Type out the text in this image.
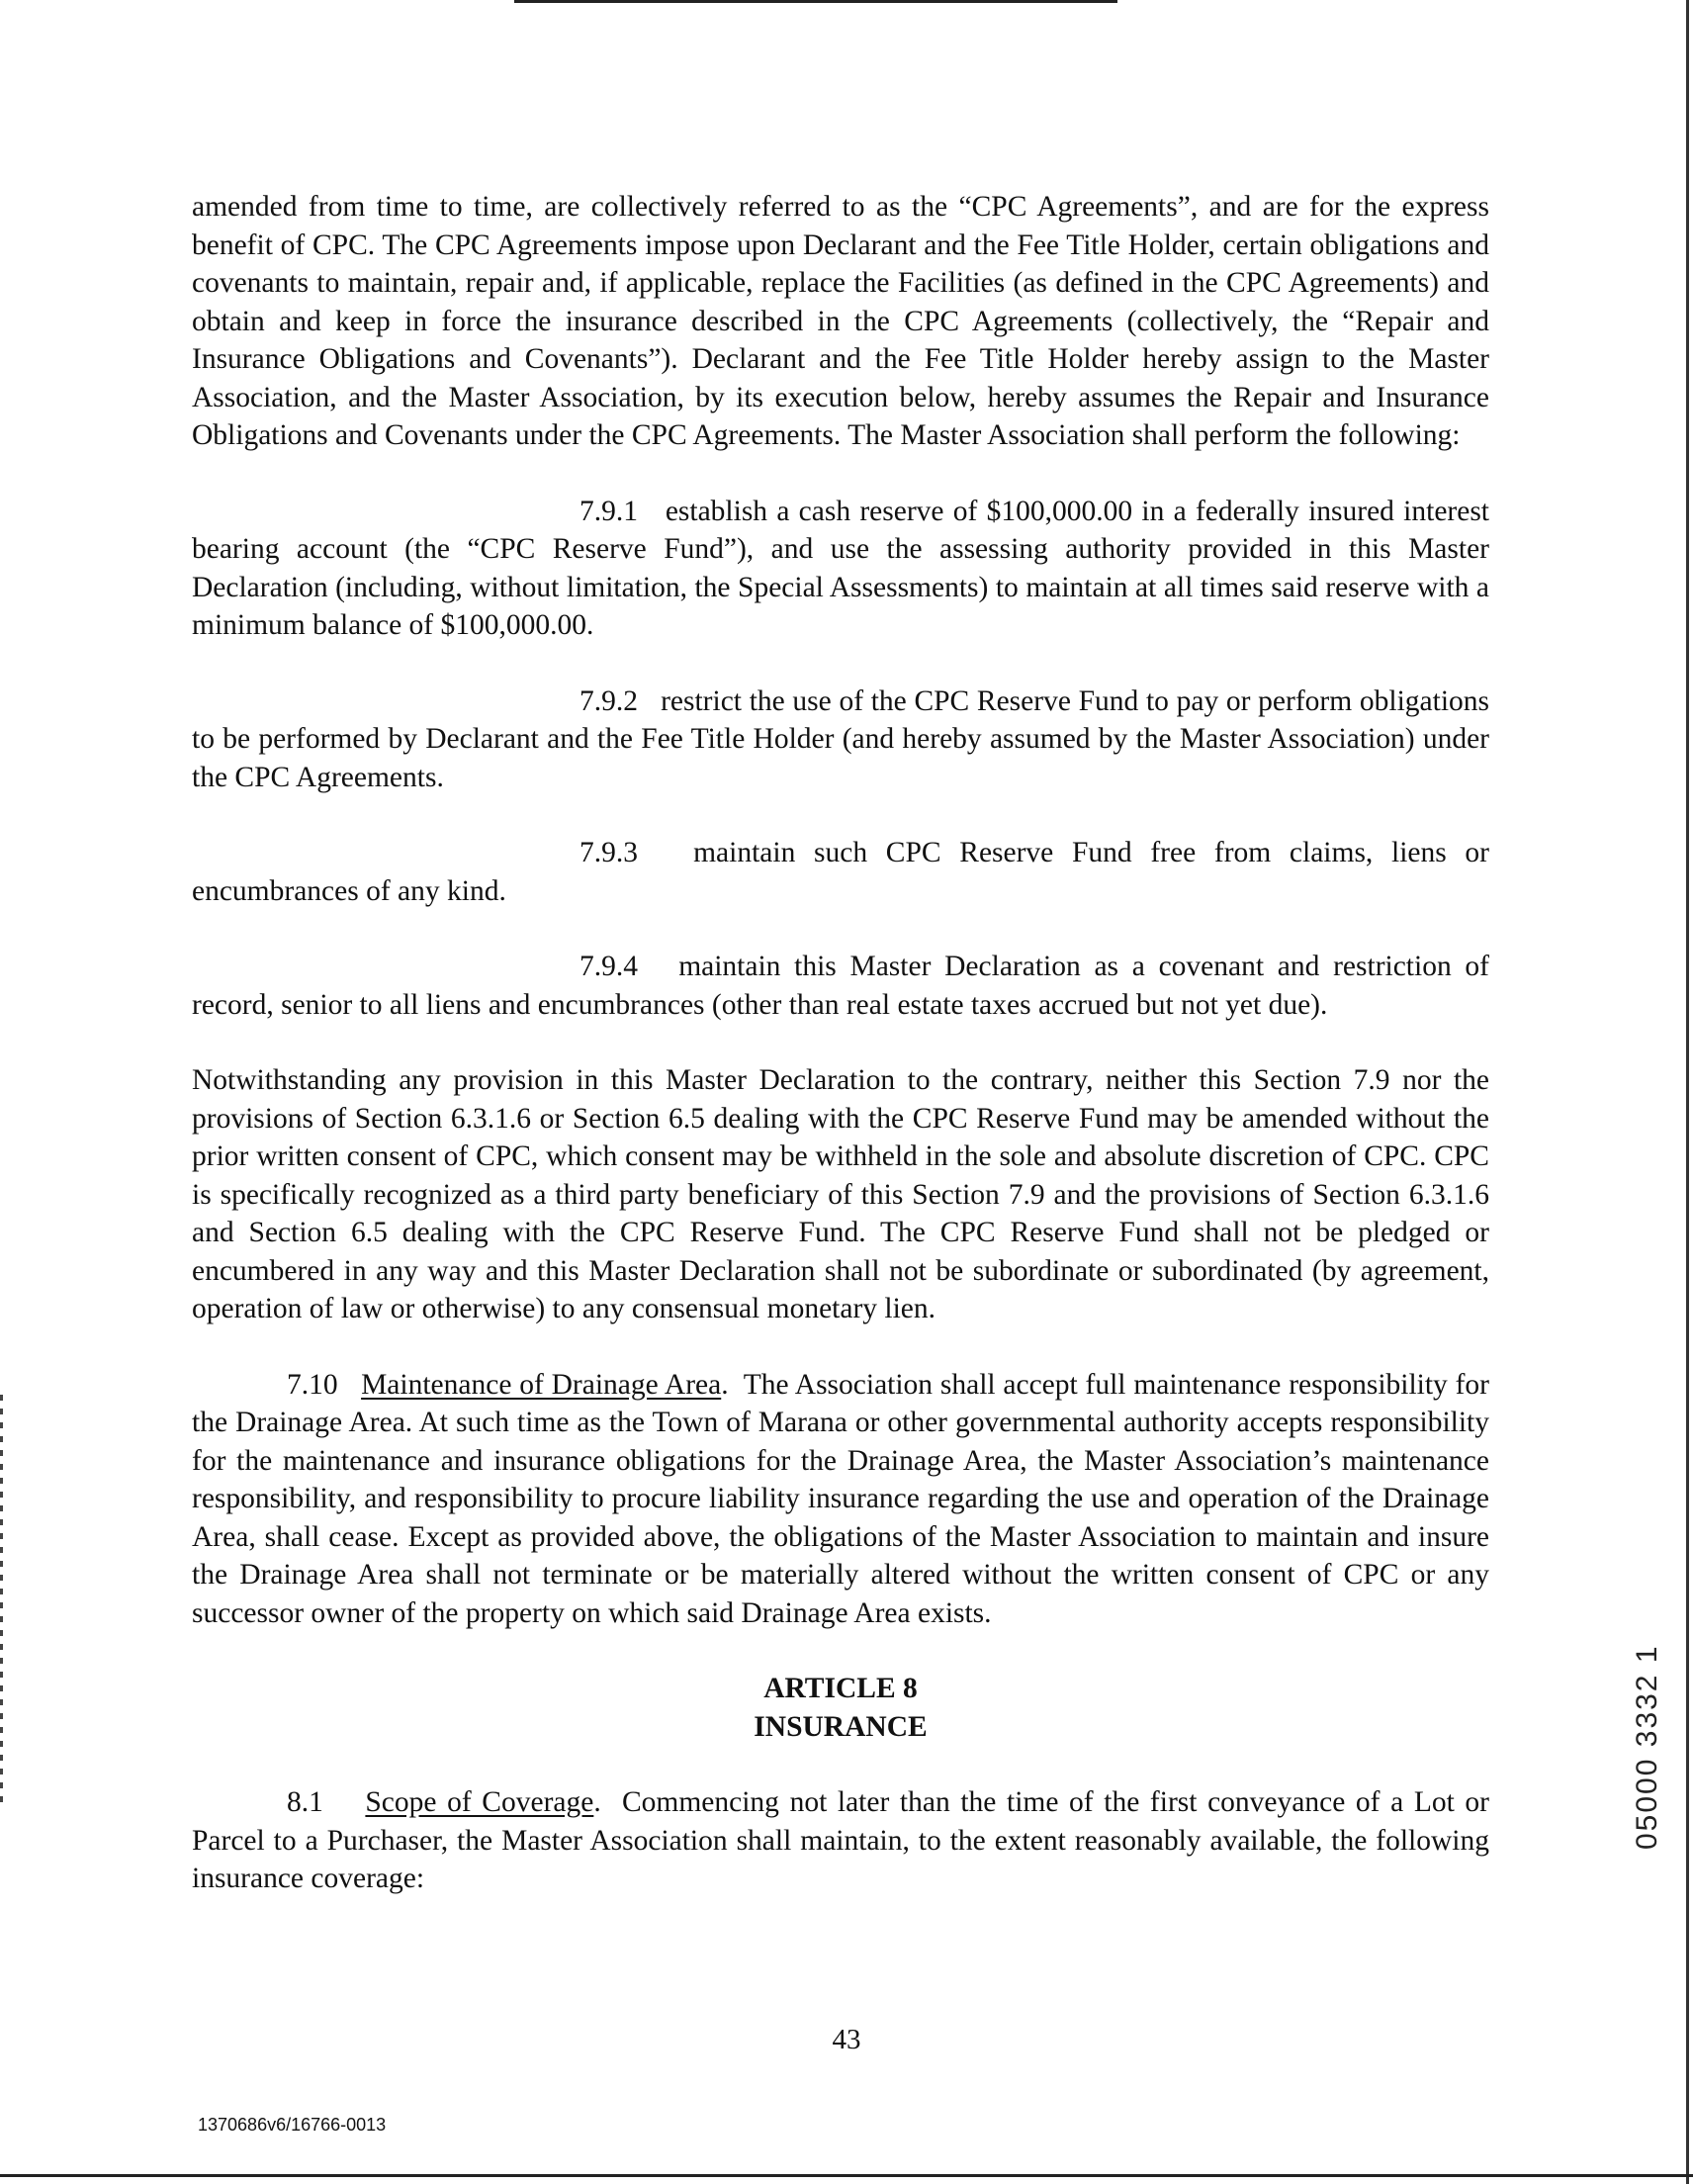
amended from time to time, are collectively referred to as the “CPC Agreements”, and are for the express benefit of CPC. The CPC Agreements impose upon Declarant and the Fee Title Holder, certain obligations and covenants to maintain, repair and, if applicable, replace the Facilities (as defined in the CPC Agreements) and obtain and keep in force the insurance described in the CPC Agreements (collectively, the “Repair and Insurance Obligations and Covenants”). Declarant and the Fee Title Holder hereby assign to the Master Association, and the Master Association, by its execution below, hereby assumes the Repair and Insurance Obligations and Covenants under the CPC Agreements. The Master Association shall perform the following:

7.9.1 establish a cash reserve of $100,000.00 in a federally insured interest bearing account (the “CPC Reserve Fund”), and use the assessing authority provided in this Master Declaration (including, without limitation, the Special Assessments) to maintain at all times said reserve with a minimum balance of $100,000.00.

7.9.2 restrict the use of the CPC Reserve Fund to pay or perform obligations to be performed by Declarant and the Fee Title Holder (and hereby assumed by the Master Association) under the CPC Agreements.

7.9.3 maintain such CPC Reserve Fund free from claims, liens or encumbrances of any kind.

7.9.4 maintain this Master Declaration as a covenant and restriction of record, senior to all liens and encumbrances (other than real estate taxes accrued but not yet due).

Notwithstanding any provision in this Master Declaration to the contrary, neither this Section 7.9 nor the provisions of Section 6.3.1.6 or Section 6.5 dealing with the CPC Reserve Fund may be amended without the prior written consent of CPC, which consent may be withheld in the sole and absolute discretion of CPC. CPC is specifically recognized as a third party beneficiary of this Section 7.9 and the provisions of Section 6.3.1.6 and Section 6.5 dealing with the CPC Reserve Fund. The CPC Reserve Fund shall not be pledged or encumbered in any way and this Master Declaration shall not be subordinate or subordinated (by agreement, operation of law or otherwise) to any consensual monetary lien.

7.10 Maintenance of Drainage Area.  The Association shall accept full maintenance responsibility for the Drainage Area. At such time as the Town of Marana or other governmental authority accepts responsibility for the maintenance and insurance obligations for the Drainage Area, the Master Association’s maintenance responsibility, and responsibility to procure liability insurance regarding the use and operation of the Drainage Area, shall cease. Except as provided above, the obligations of the Master Association to maintain and insure the Drainage Area shall not terminate or be materially altered without the written consent of CPC or any successor owner of the property on which said Drainage Area exists.

ARTICLE 8
INSURANCE

8.1 Scope of Coverage.  Commencing not later than the time of the first conveyance of a Lot or Parcel to a Purchaser, the Master Association shall maintain, to the extent reasonably available, the following insurance coverage:

43
1370686v6/16766-0013
05000 3332 1
